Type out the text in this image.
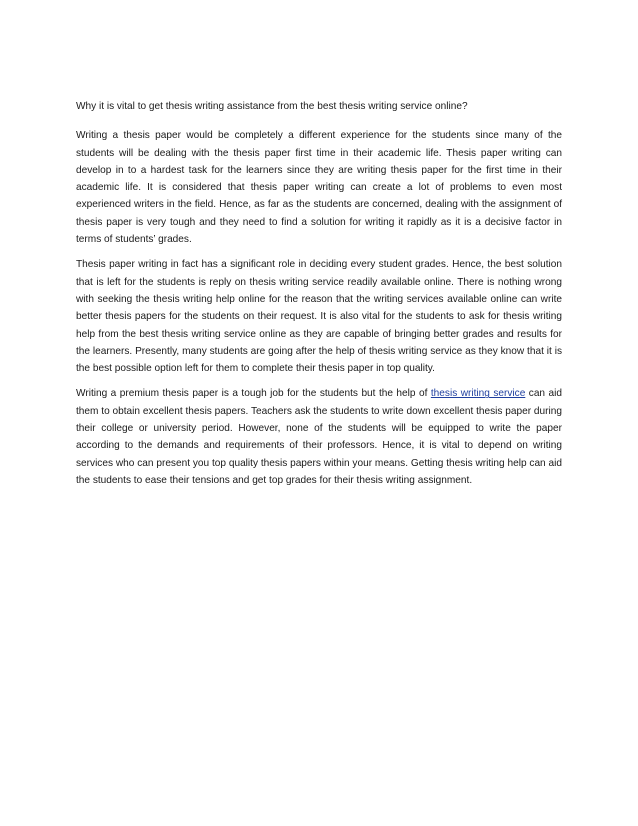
Why it is vital to get thesis writing assistance from the best thesis writing service online?

Writing a thesis paper would be completely a different experience for the students since many of the students will be dealing with the thesis paper first time in their academic life. Thesis paper writing can develop in to a hardest task for the learners since they are writing thesis paper for the first time in their academic life. It is considered that thesis paper writing can create a lot of problems to even most experienced writers in the field. Hence, as far as the students are concerned, dealing with the assignment of thesis paper is very tough and they need to find a solution for writing it rapidly as it is a decisive factor in terms of students’ grades.

Thesis paper writing in fact has a significant role in deciding every student grades. Hence, the best solution that is left for the students is reply on thesis writing service readily available online. There is nothing wrong with seeking the thesis writing help online for the reason that the writing services available online can write better thesis papers for the students on their request. It is also vital for the students to ask for thesis writing help from the best thesis writing service online as they are capable of bringing better grades and results for the learners. Presently, many students are going after the help of thesis writing service as they know that it is the best possible option left for them to complete their thesis paper in top quality.

Writing a premium thesis paper is a tough job for the students but the help of thesis writing service can aid them to obtain excellent thesis papers. Teachers ask the students to write down excellent thesis paper during their college or university period. However, none of the students will be equipped to write the paper according to the demands and requirements of their professors. Hence, it is vital to depend on writing services who can present you top quality thesis papers within your means. Getting thesis writing help can aid the students to ease their tensions and get top grades for their thesis writing assignment.
